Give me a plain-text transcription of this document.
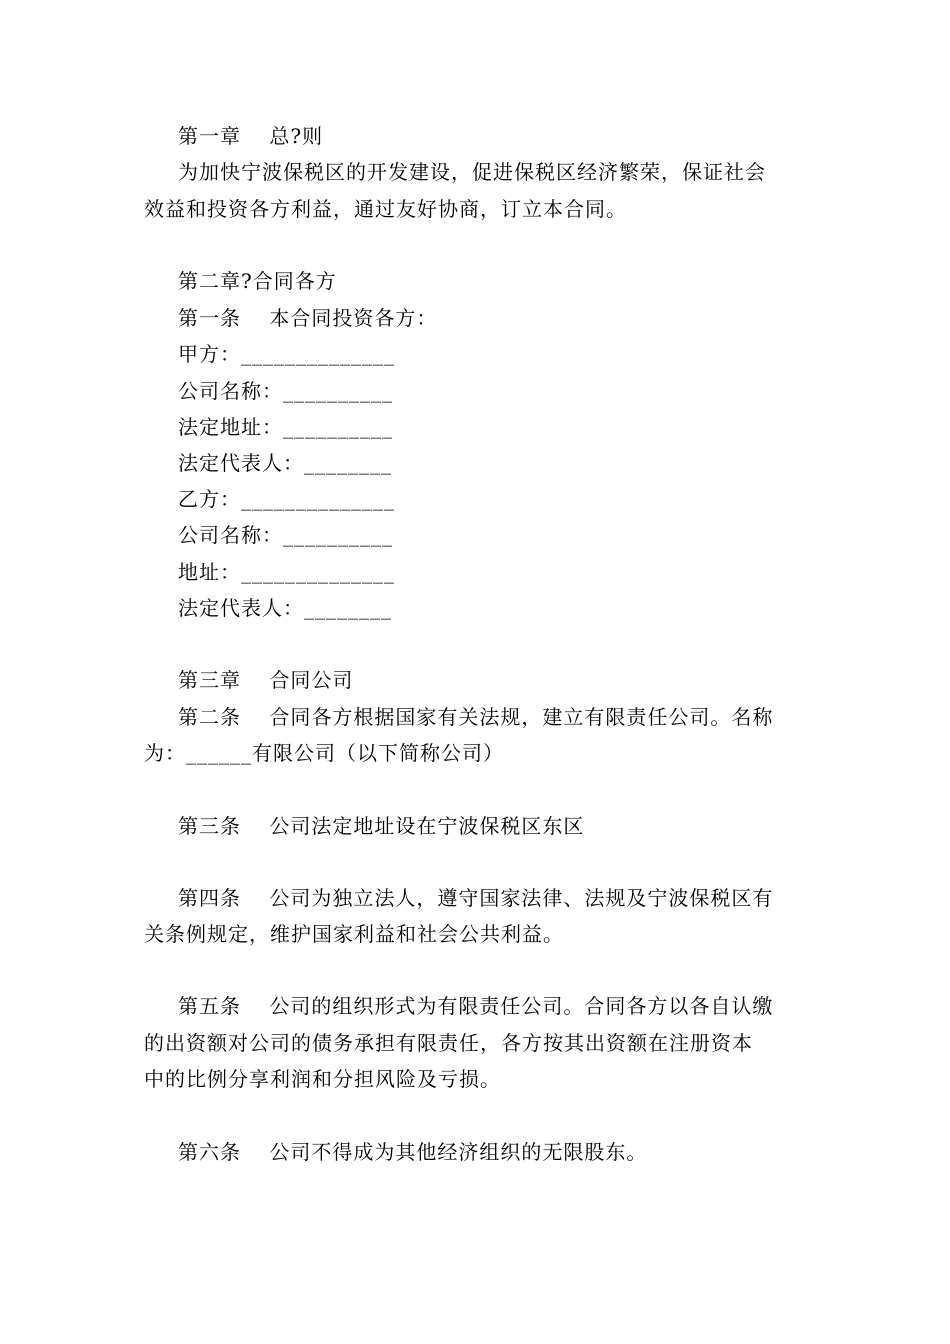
第一章　 总?则
为加快宁波保税区的开发建设，促进保税区经济繁荣，保证社会
效益和投资各方利益，通过友好协商，订立本合同。
第二章?合同各方
第一条　 本合同投资各方：
甲方：______________
公司名称：__________
法定地址：__________
法定代表人：________
乙方：______________
公司名称：__________
地址：______________
法定代表人：________
第三章　 合同公司
第二条　 合同各方根据国家有关法规，建立有限责任公司。名称
为：______有限公司（以下简称公司）
第三条　 公司法定地址设在宁波保税区东区
第四条　 公司为独立法人，遵守国家法律、法规及宁波保税区有
关条例规定，维护国家利益和社会公共利益。
第五条　 公司的组织形式为有限责任公司。合同各方以各自认缴
的出资额对公司的债务承担有限责任，各方按其出资额在注册资本
中的比例分享利润和分担风险及亏损。
第六条　 公司不得成为其他经济组织的无限股东。
